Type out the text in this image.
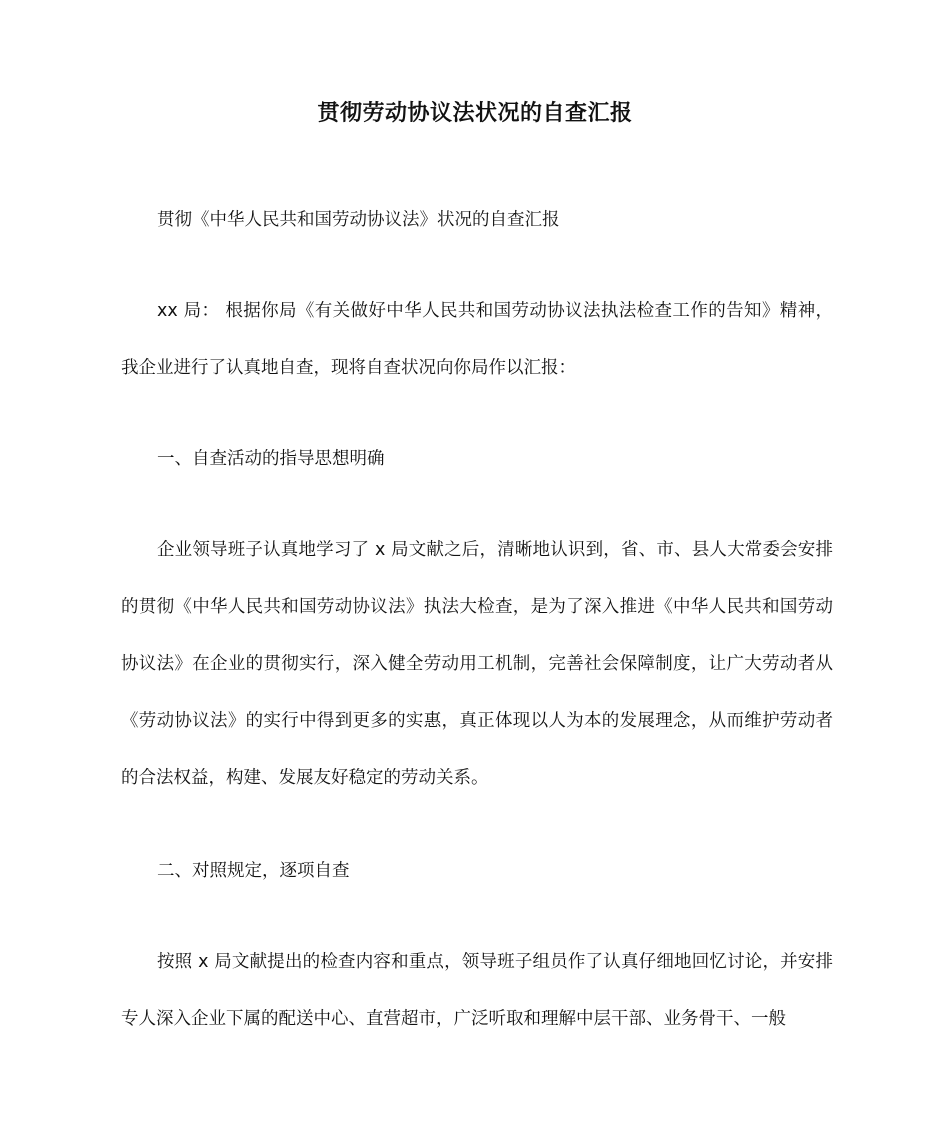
贯彻劳动协议法状况的自查汇报

贯彻《中华人民共和国劳动协议法》状况的自查汇报

xx 局： 根据你局《有关做好中华人民共和国劳动协议法执法检查工作的告知》精神，我企业进行了认真地自查，现将自查状况向你局作以汇报：

一、自查活动的指导思想明确

企业领导班子认真地学习了 x 局文献之后，清晰地认识到，省、市、县人大常委会安排的贯彻《中华人民共和国劳动协议法》执法大检查，是为了深入推进《中华人民共和国劳动协议法》在企业的贯彻实行，深入健全劳动用工机制，完善社会保障制度，让广大劳动者从《劳动协议法》的实行中得到更多的实惠，真正体现以人为本的发展理念，从而维护劳动者的合法权益，构建、发展友好稳定的劳动关系。

二、对照规定，逐项自查

按照 x 局文献提出的检查内容和重点，领导班子组员作了认真仔细地回忆讨论，并安排专人深入企业下属的配送中心、直营超市，广泛听取和理解中层干部、业务骨干、一般
